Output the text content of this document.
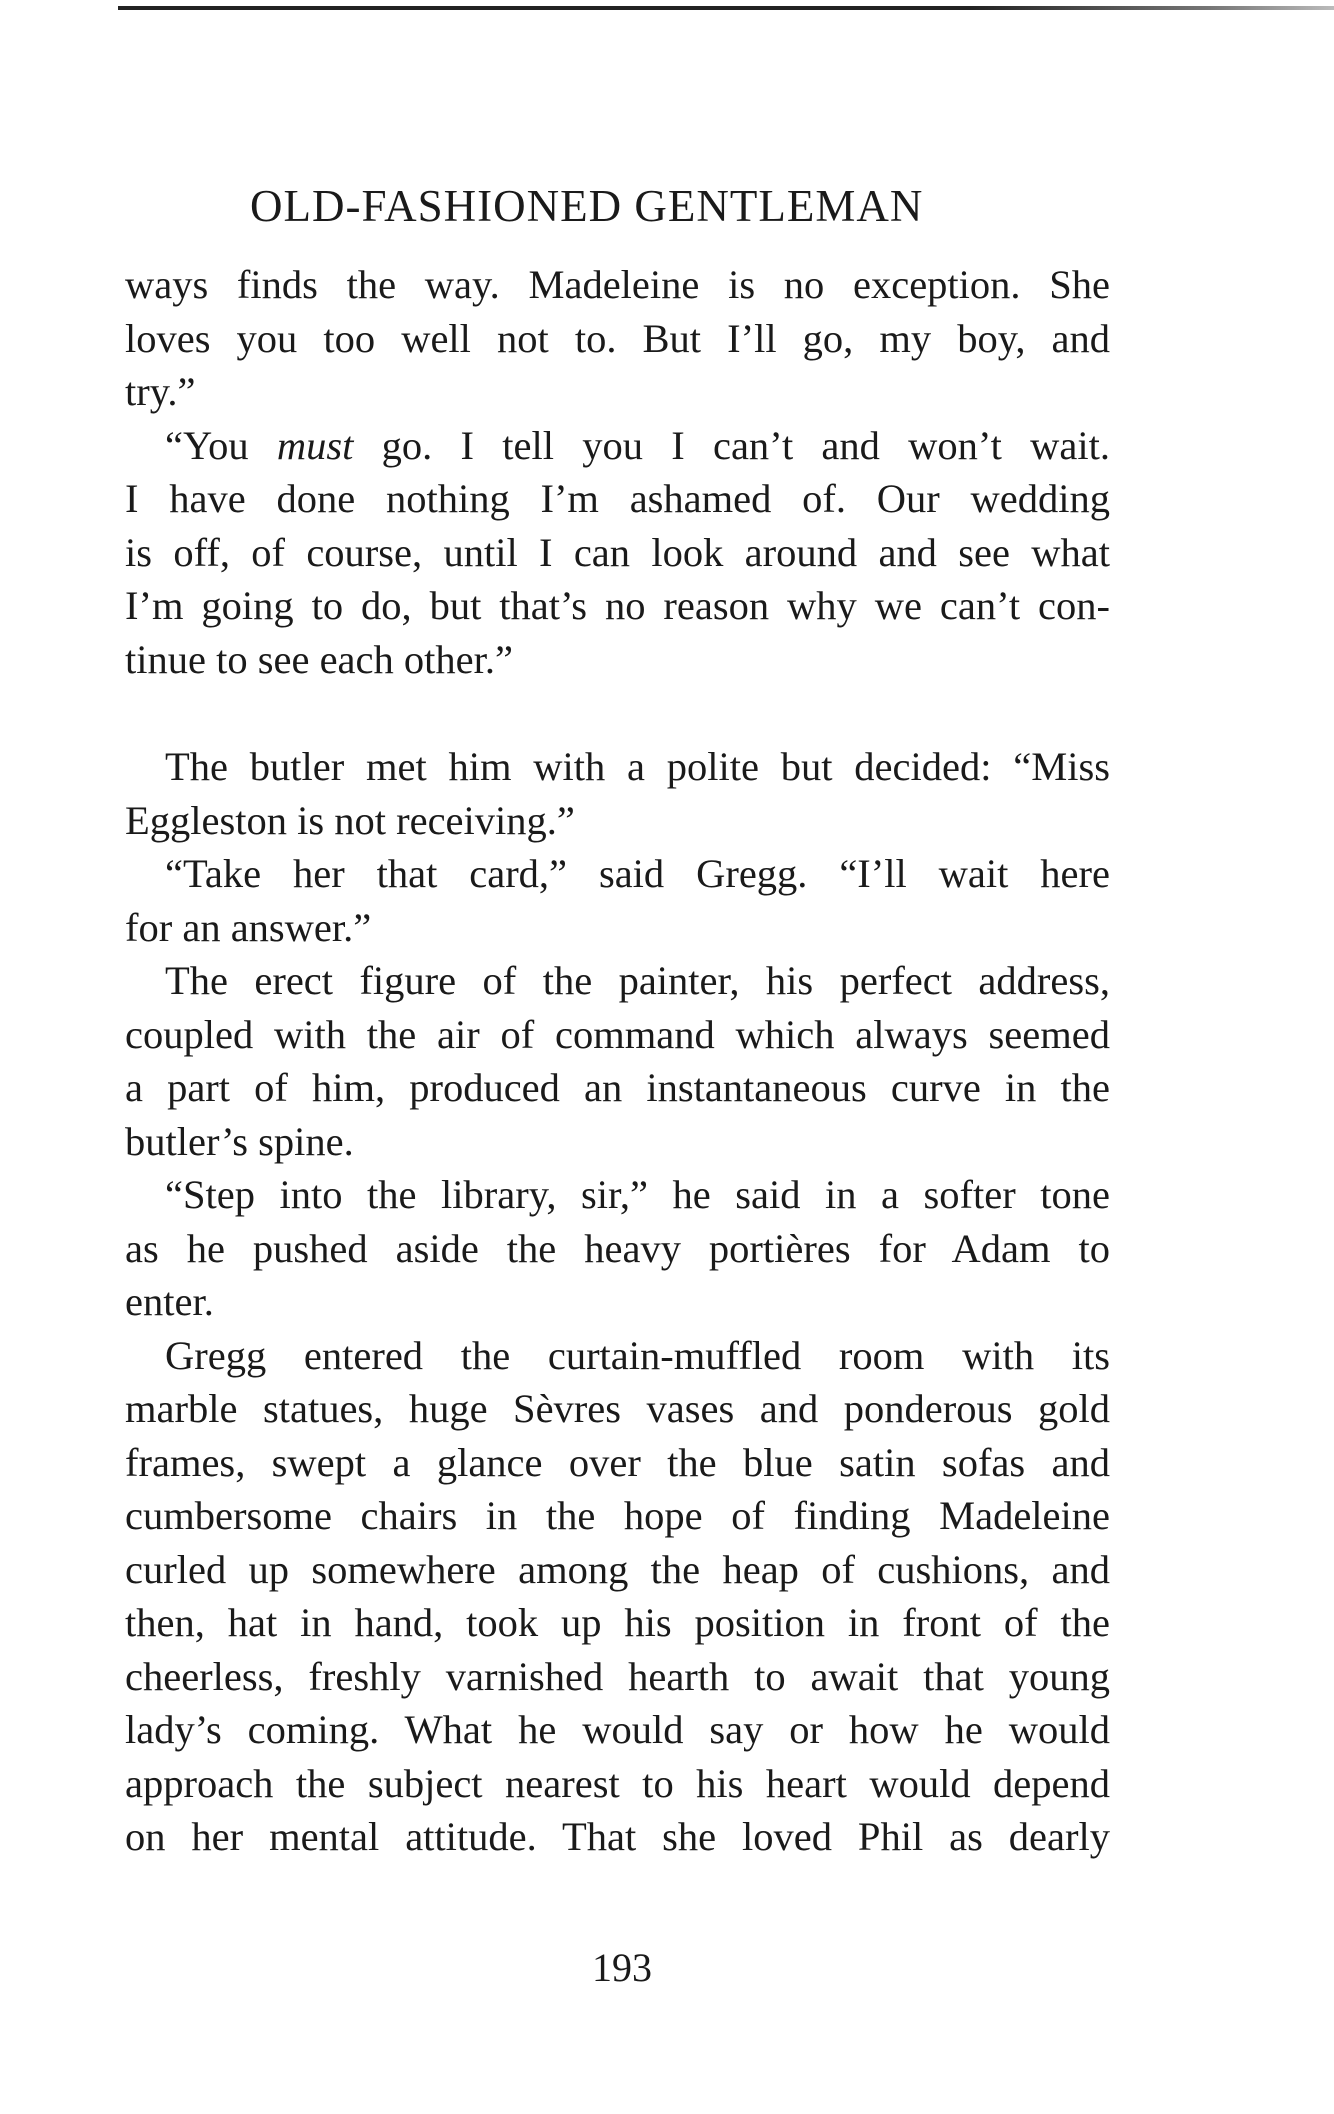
OLD-FASHIONED GENTLEMAN
ways finds the way. Madeleine is no exception. She
loves you too well not to. But I’ll go, my boy, and
try.”
“You must go. I tell you I can’t and won’t wait.
I have done nothing I’m ashamed of. Our wedding
is off, of course, until I can look around and see what
I’m going to do, but that’s no reason why we can’t con-
tinue to see each other.”
The butler met him with a polite but decided: “Miss
Eggleston is not receiving.”
“Take her that card,” said Gregg. “I’ll wait here
for an answer.”
The erect figure of the painter, his perfect address,
coupled with the air of command which always seemed
a part of him, produced an instantaneous curve in the
butler’s spine.
“Step into the library, sir,” he said in a softer tone
as he pushed aside the heavy portières for Adam to
enter.
Gregg entered the curtain-muffled room with its
marble statues, huge Sèvres vases and ponderous gold
frames, swept a glance over the blue satin sofas and
cumbersome chairs in the hope of finding Madeleine
curled up somewhere among the heap of cushions, and
then, hat in hand, took up his position in front of the
cheerless, freshly varnished hearth to await that young
lady’s coming. What he would say or how he would
approach the subject nearest to his heart would depend
on her mental attitude. That she loved Phil as dearly
193
